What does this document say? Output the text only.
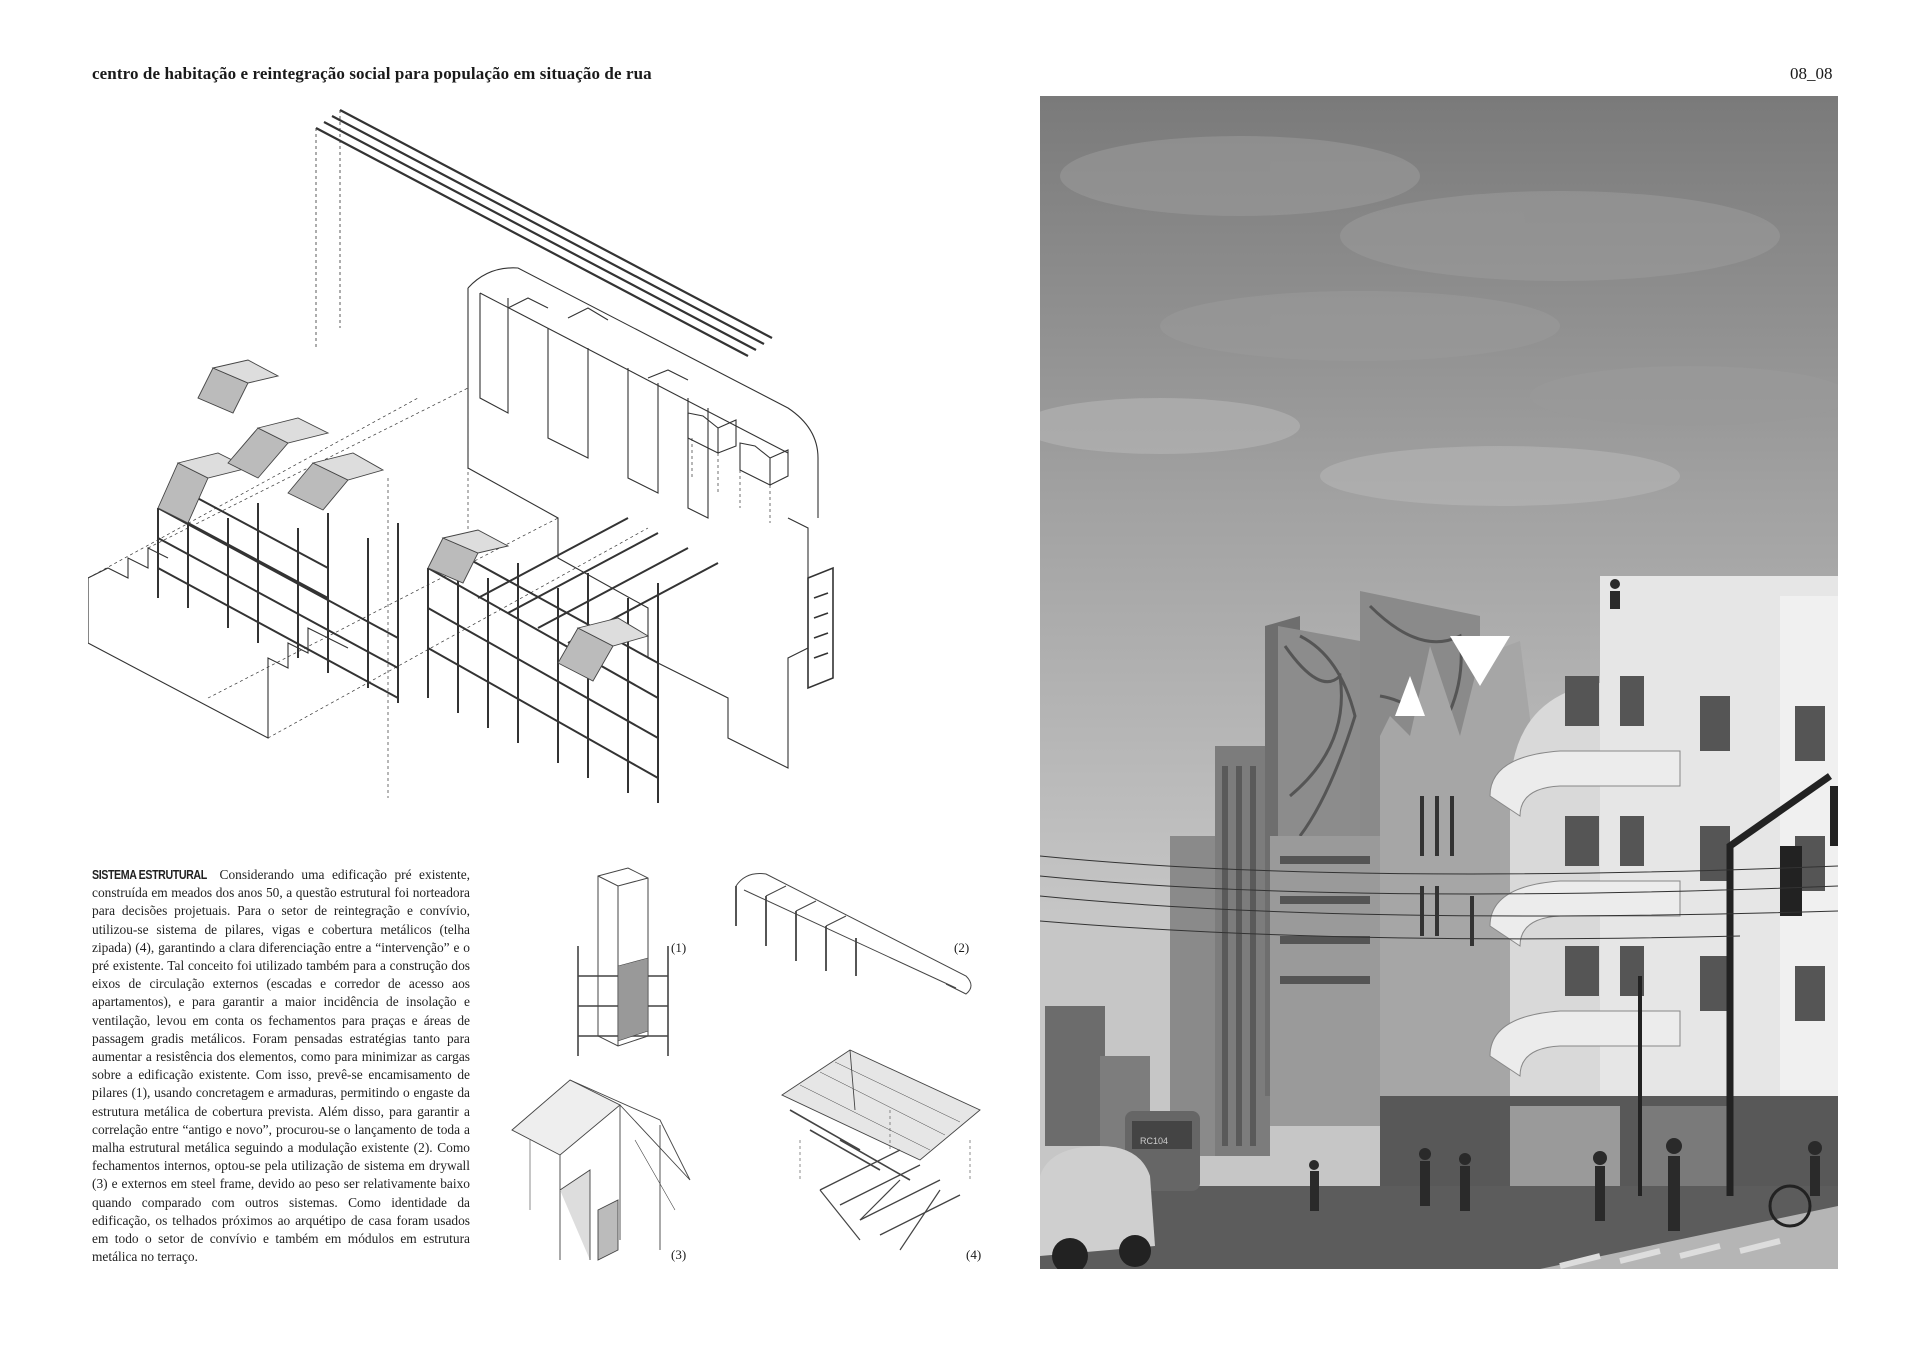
centro de habitação e reintegração social para população em situação de rua	08_08
SISTEMA ESTRUTURAL Considerando uma edificação pré existente, construída em meados dos anos 50, a questão estrutural foi norteadora para decisões projetuais. Para o setor de reintegração e convívio, utilizou-se sistema de pilares, vigas e cobertura metálicos (telha zipada) (4), garantindo a clara diferenciação entre a “intervenção” e o pré existente. Tal conceito foi utilizado também para a construção dos eixos de circulação externos (escadas e corredor de acesso aos apartamentos), e para garantir a maior incidência de insolação e ventilação, levou em conta os fechamentos para praças e áreas de passagem gradis metálicos. Foram pensadas estratégias tanto para aumentar a resistência dos elementos, como para minimizar as cargas sobre a edificação existente. Com isso, prevê-se encamisamento de pilares (1), usando concretagem e armaduras, permitindo o engaste da estrutura metálica de cobertura prevista. Além disso, para garantir a correlação entre “antigo e novo”, procurou-se o lançamento de toda a malha estrutural metálica seguindo a modulação existente (2). Como fechamentos internos, optou-se pela utilização de sistema em drywall (3) e externos em steel frame, devido ao peso ser relativamente baixo quando comparado com outros sistemas. Como identidade da edificação, os telhados próximos ao arquétipo de casa foram usados em todo o setor de convívio e também em módulos em estrutura metálica no terraço.
(1)	(2)
(3)	(4)
RC104
